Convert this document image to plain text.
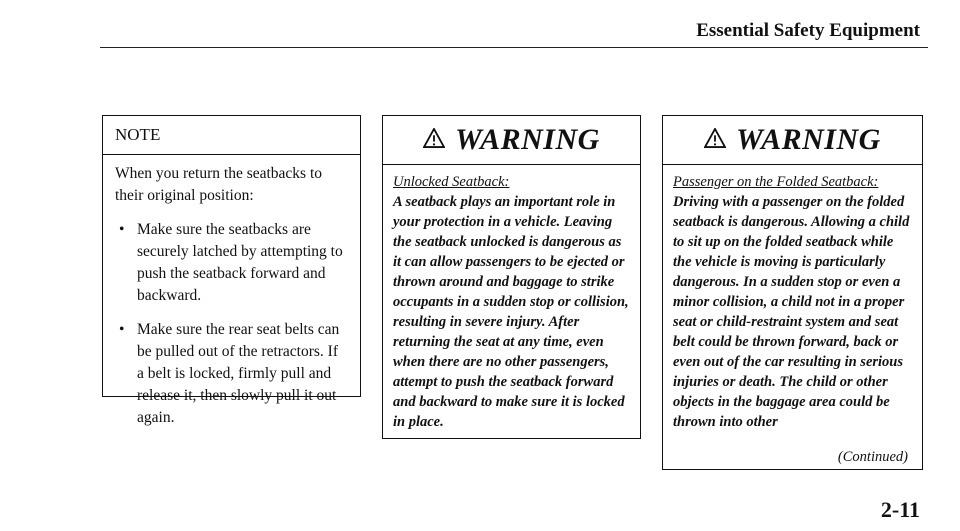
Essential Safety Equipment
NOTE

When you return the seatbacks to their original position:

• Make sure the seatbacks are securely latched by attempting to push the seatback forward and backward.
• Make sure the rear seat belts can be pulled out of the retractors. If a belt is locked, firmly pull and release it, then slowly pull it out again.
WARNING
Unlocked Seatback:
A seatback plays an important role in your protection in a vehicle. Leaving the seatback unlocked is dangerous as it can allow passengers to be ejected or thrown around and baggage to strike occupants in a sudden stop or collision, resulting in severe injury. After returning the seat at any time, even when there are no other passengers, attempt to push the seatback forward and backward to make sure it is locked in place.
WARNING
Passenger on the Folded Seatback:
Driving with a passenger on the folded seatback is dangerous. Allowing a child to sit up on the folded seatback while the vehicle is moving is particularly dangerous. In a sudden stop or even a minor collision, a child not in a proper seat or child-restraint system and seat belt could be thrown forward, back or even out of the car resulting in serious injuries or death. The child or other objects in the baggage area could be thrown into other
(Continued)
2-11
